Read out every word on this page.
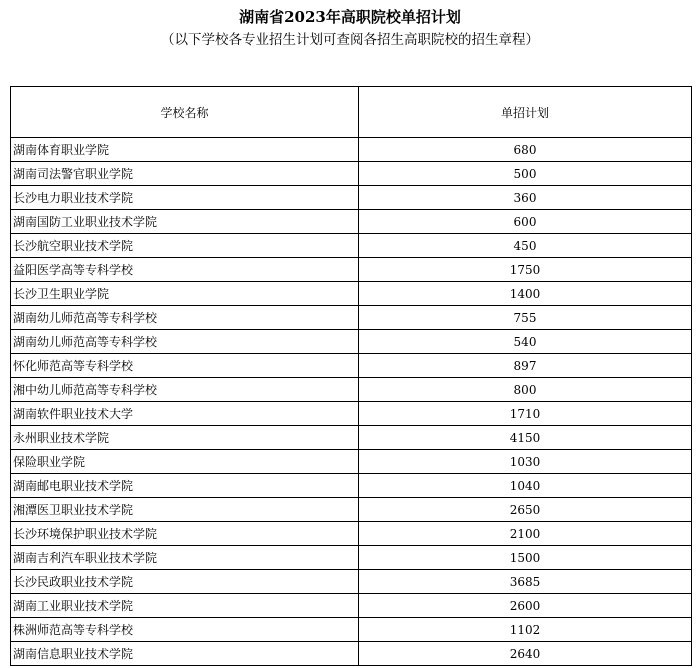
湖南省2023年高职院校单招计划
（以下学校各专业招生计划可查阅各招生高职院校的招生章程）
学校名称	单招计划
湖南体育职业学院	680
湖南司法警官职业学院	500
长沙电力职业技术学院	360
湖南国防工业职业技术学院	600
长沙航空职业技术学院	450
益阳医学高等专科学校	1750
长沙卫生职业学院	1400
湖南幼儿师范高等专科学校	755
湖南幼儿师范高等专科学校	540
怀化师范高等专科学校	897
湘中幼儿师范高等专科学校	800
湖南软件职业技术大学	1710
永州职业技术学院	4150
保险职业学院	1030
湖南邮电职业技术学院	1040
湘潭医卫职业技术学院	2650
长沙环境保护职业技术学院	2100
湖南吉利汽车职业技术学院	1500
长沙民政职业技术学院	3685
湖南工业职业技术学院	2600
株洲师范高等专科学校	1102
湖南信息职业技术学院	2640
